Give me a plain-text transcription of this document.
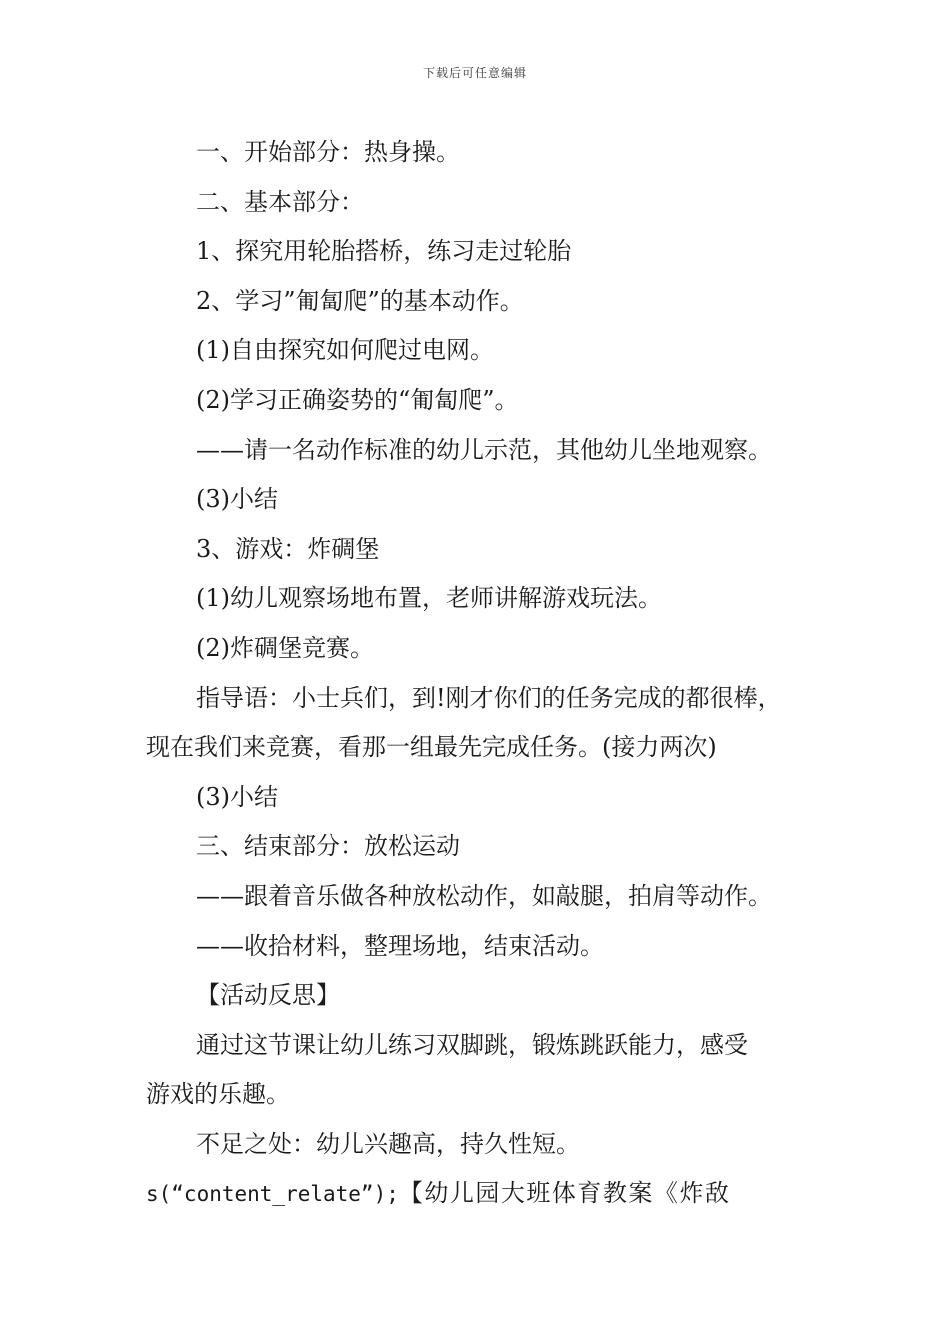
下载后可任意编辑
一、开始部分：热身操。
二、基本部分：
1、探究用轮胎搭桥，练习走过轮胎
2、学习”匍匐爬”的基本动作。
(1)自由探究如何爬过电网。
(2)学习正确姿势的“匍匐爬”。
——请一名动作标准的幼儿示范，其他幼儿坐地观察。
(3)小结
3、游戏：炸碉堡
(1)幼儿观察场地布置，老师讲解游戏玩法。
(2)炸碉堡竞赛。
指导语：小士兵们，到!刚才你们的任务完成的都很棒，
现在我们来竞赛，看那一组最先完成任务。(接力两次)
(3)小结
三、结束部分：放松运动
——跟着音乐做各种放松动作，如敲腿，拍肩等动作。
——收拾材料，整理场地，结束活动。
【活动反思】
通过这节课让幼儿练习双脚跳，锻炼跳跃能力，感受
游戏的乐趣。
不足之处：幼儿兴趣高，持久性短。
s(“content_relate”);【幼儿园大班体育教案《炸敌
